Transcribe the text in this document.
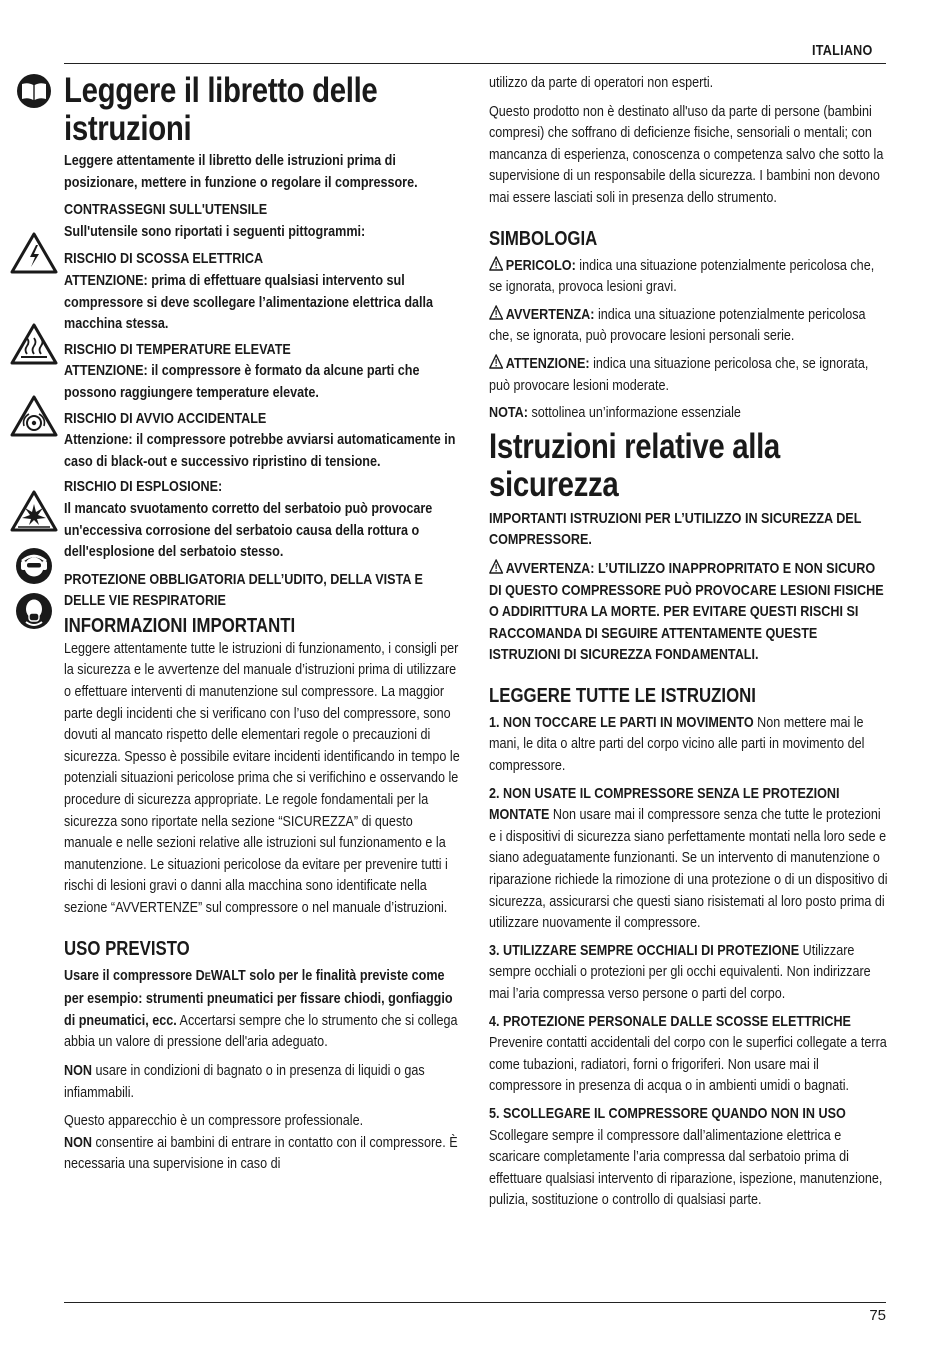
ITALIANO
75
Leggere il libretto delle istruzioni

Leggere attentamente il libretto delle istruzioni prima di posizionare, mettere in funzione o regolare il compressore.

CONTRASSEGNI SULL'UTENSILE

Sull'utensile sono riportati i seguenti pittogrammi:

RISCHIO DI SCOSSA ELETTRICA

ATTENZIONE: prima di effettuare qualsiasi intervento sul compressore si deve scollegare l’alimentazione elettrica dalla macchina stessa.

RISCHIO DI TEMPERATURE ELEVATE

ATTENZIONE: il compressore è formato da alcune parti che possono raggiungere temperature elevate.

RISCHIO DI AVVIO ACCIDENTALE

Attenzione: il compressore potrebbe avviarsi automaticamente in caso di black-out e successivo ripristino di tensione.

RISCHIO DI ESPLOSIONE:

Il mancato svuotamento corretto del serbatoio può provocare un'eccessiva corrosione del serbatoio causa della rottura o dell'esplosione del serbatoio stesso.

PROTEZIONE OBBLIGATORIA DELL’UDITO, DELLA VISTA E DELLE VIE RESPIRATORIE

INFORMAZIONI IMPORTANTI

Leggere attentamente tutte le istruzioni di funzionamento, i consigli per la sicurezza e le avvertenze del manuale d’istruzioni prima di utilizzare o effettuare interventi di manutenzione sul compressore. La maggior parte degli incidenti che si verificano con l’uso del compressore, sono dovuti al mancato rispetto delle elementari regole o precauzioni di sicurezza. Spesso è possibile evitare incidenti identificando in tempo le potenziali situazioni pericolose prima che si verifichino e osservando le procedure di sicurezza appropriate. Le regole fondamentali per la sicurezza sono riportate nella sezione “SICUREZZA” di questo manuale e nelle sezioni relative alle istruzioni sul funzionamento e la manutenzione. Le situazioni pericolose da evitare per prevenire tutti i rischi di lesioni gravi o danni alla macchina sono identificate nella sezione “AVVERTENZE” sul compressore o nel manuale d’istruzioni.

USO PREVISTO

Usare il compressore DEWALT solo per le finalità previste come per esempio: strumenti pneumatici per fissare chiodi, gonfiaggio di pneumatici, ecc. Accertarsi sempre che lo strumento che si collega abbia un valore di pressione dell'aria adeguato.

NON usare in condizioni di bagnato o in presenza di liquidi o gas infiammabili.

Questo apparecchio è un compressore professionale.

NON consentire ai bambini di entrare in contatto con il compressore. È necessaria una supervisione in caso di

utilizzo da parte di operatori non esperti.

Questo prodotto non è destinato all'uso da parte di persone (bambini compresi) che soffrano di deficienze fisiche, sensoriali o mentali; con mancanza di esperienza, conoscenza o competenza salvo che sotto la supervisione di un responsabile della sicurezza. I bambini non devono mai essere lasciati soli in presenza dello strumento.

SIMBOLOGIA

PERICOLO: indica una situazione potenzialmente pericolosa che, se ignorata, provoca lesioni gravi.

AVVERTENZA: indica una situazione potenzialmente pericolosa che, se ignorata, può provocare lesioni personali serie.

ATTENZIONE: indica una situazione pericolosa che, se ignorata, può provocare lesioni moderate.

NOTA: sottolinea un’informazione essenziale

Istruzioni relative alla sicurezza

IMPORTANTI ISTRUZIONI PER L’UTILIZZO IN SICUREZZA DEL COMPRESSORE.

AVVERTENZA: L’UTILIZZO INAPPROPRITATO E NON SICURO DI QUESTO COMPRESSORE PUÒ PROVOCARE LESIONI FISICHE O ADDIRITTURA LA MORTE. PER EVITARE QUESTI RISCHI SI RACCOMANDA DI SEGUIRE ATTENTAMENTE QUESTE ISTRUZIONI DI SICUREZZA FONDAMENTALI.

LEGGERE TUTTE LE ISTRUZIONI

1. NON TOCCARE LE PARTI IN MOVIMENTO Non mettere mai le mani, le dita o altre parti del corpo vicino alle parti in movimento del compressore.

2. NON USATE IL COMPRESSORE SENZA LE PROTEZIONI MONTATE Non usare mai il compressore senza che tutte le protezioni e i dispositivi di sicurezza siano perfettamente montati nella loro sede e siano adeguatamente funzionanti. Se un intervento di manutenzione o riparazione richiede la rimozione di una protezione o di un dispositivo di sicurezza, assicurarsi che questi siano risistemati al loro posto prima di utilizzare nuovamente il compressore.

3. UTILIZZARE SEMPRE OCCHIALI DI PROTEZIONE Utilizzare sempre occhiali o protezioni per gli occhi equivalenti. Non indirizzare mai l’aria compressa verso persone o parti del corpo.

4. PROTEZIONE PERSONALE DALLE SCOSSE ELETTRICHE Prevenire contatti accidentali del corpo con le superfici collegate a terra come tubazioni, radiatori, forni o frigoriferi. Non usare mai il compressore in presenza di acqua o in ambienti umidi o bagnati.

5. SCOLLEGARE IL COMPRESSORE QUANDO NON IN USO Scollegare sempre il compressore dall’alimentazione elettrica e scaricare completamente l’aria compressa dal serbatoio prima di effettuare qualsiasi intervento di riparazione, ispezione, manutenzione, pulizia, sostituzione o controllo di qualsiasi parte.
